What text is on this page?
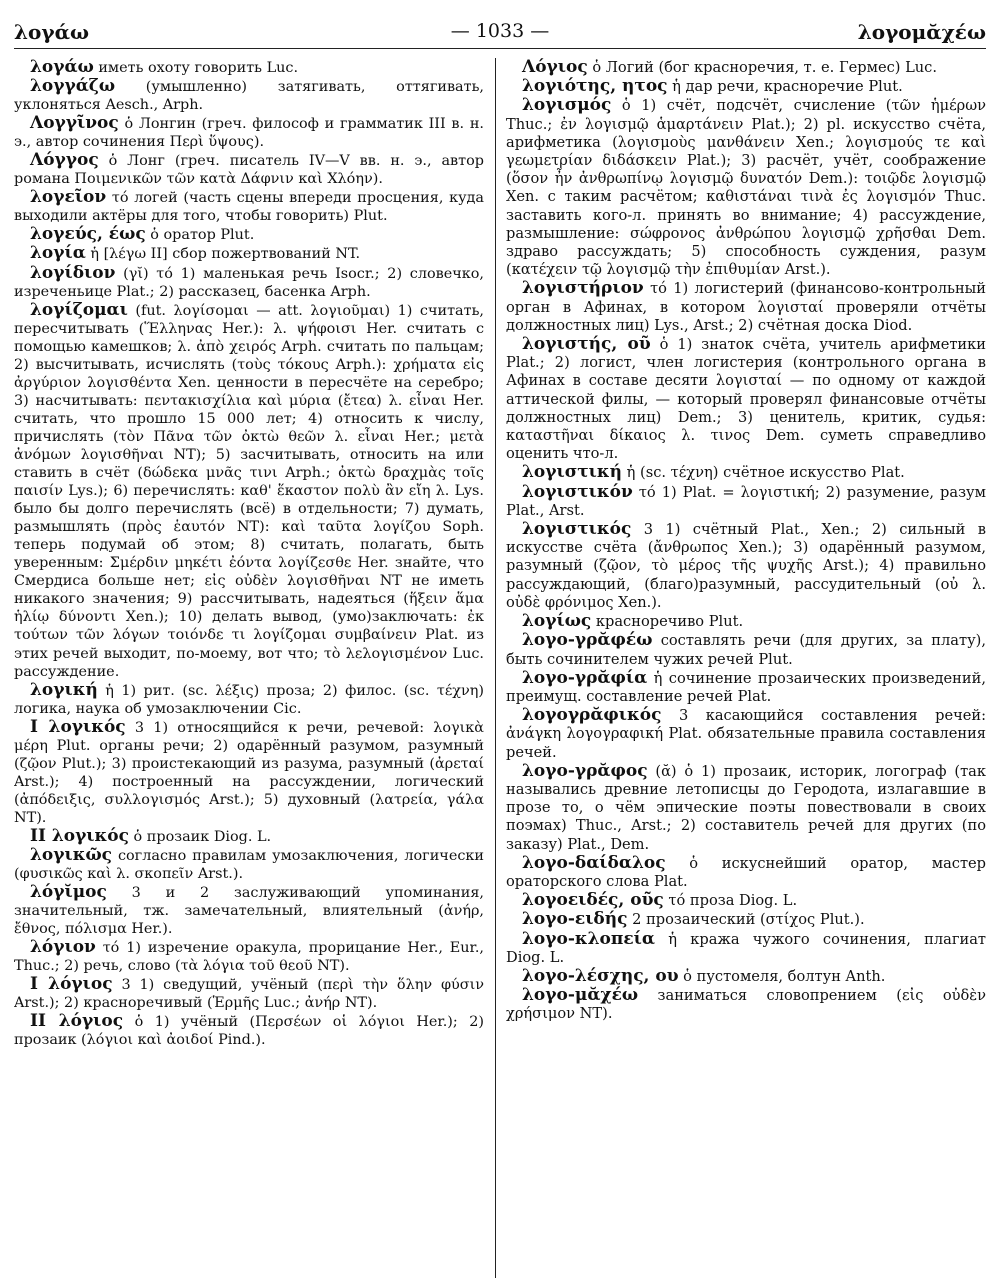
λογάω	— 1033 —	λογομᾰχέω

λογάω иметь охоту говорить Luc.

λογγάζω (умышленно) затягивать, оттягивать, уклоняться Aesch., Arph.

Λογγῖνος ὁ Лонгин (греч. философ и грамматик III в. н. э., автор сочинения Περὶ ὕψους).

Λόγγος ὁ Лонг (греч. писатель IV—V вв. н. э., автор романа Ποιμενικῶν τῶν κατὰ Δάφνιν καὶ Χλόην).

λογεῖον τό логей (часть сцены впереди просцения, куда выходили актёры для того, чтобы говорить) Plut.

λογεύς, έως ὁ оратор Plut.

λογία ἡ [λέγω II] сбор пожертвований NT.

λογίδιον (γῐ) τό 1) маленькая речь Isocr.; 2) словечко, изреченьице Plat.; 2) рассказец, басенка Arph.

λογίζομαι (fut. λογίσομαι — att. λογιοῦμαι) 1) считать, пересчитывать (Ἕλληνας Her.): λ. ψήφοισι Her. считать с помощью камешков; λ. ἀπὸ χειρός Arph. считать по пальцам; 2) высчитывать, исчислять (τοὺς τόκους Arph.): χρήματα εἰς ἀργύριον λογισθέντα Xen. ценности в пересчёте на серебро; 3) насчитывать: πεντακισχίλια καὶ μύρια (ἔτεα) λ. εἶναι Her. считать, что прошло 15 000 лет; 4) относить к числу, причислять (τὸν Πᾶνα τῶν ὀκτὼ θεῶν λ. εἶναι Her.; μετὰ ἀνόμων λογισθῆναι NT); 5) засчитывать, относить на или ставить в счёт (δώδεκα μνᾶς τινι Arph.; ὀκτὼ δραχμὰς τοῖς παισίν Lys.); 6) перечислять: καθ' ἕκαστον πολὺ ἂν εἴη λ. Lys. было бы долго перечислять (всё) в отдельности; 7) думать, размышлять (πρὸς ἑαυτόν NT): καὶ ταῦτα λογίζου Soph. теперь подумай об этом; 8) считать, полагать, быть уверенным: Σμέρδιν μηκέτι ἐόντα λογίζεσθε Her. знайте, что Смердиса больше нет; εἰς οὐδὲν λογισθῆναι NT не иметь никакого значения; 9) рассчитывать, надеяться (ἥξειν ἅμα ἡλίῳ δύνοντι Xen.); 10) делать вывод, (умо)заключать: ἐκ τούτων τῶν λόγων τοιόνδε τι λογίζομαι συμβαίνειν Plat. из этих речей выходит, по-моему, вот что; τὸ λελογισμένον Luc. рассуждение.

λογική ἡ 1) рит. (sc. λέξις) проза; 2) филос. (sc. τέχνη) логика, наука об умозаключении Cic.

I λογικός 3 1) относящийся к речи, речевой: λογικὰ μέρη Plut. органы речи; 2) одарённый разумом, разумный (ζῷον Plut.); 3) проистекающий из разума, разумный (ἀρεταί Arst.); 4) построенный на рассуждении, логический (ἀπόδειξις, συλλογισμός Arst.); 5) духовный (λατρεία, γάλα NT).

II λογικός ὁ прозаик Diog. L.

λογικῶς согласно правилам умозаключения, логически (φυσικῶς καὶ λ. σκοπεῖν Arst.).

λόγῐμος 3 и 2 заслуживающий упоминания, значительный, тж. замечательный, влиятельный (ἀνήρ, ἔθνος, πόλισμα Her.).

λόγιον τό 1) изречение оракула, прорицание Her., Eur., Thuc.; 2) речь, слово (τὰ λόγια τοῦ θεοῦ NT).

I λόγιος 3 1) сведущий, учёный (περὶ τὴν ὅλην φύσιν Arst.); 2) красноречивый (Ἑρμῆς Luc.; ἀνήρ NT).

II λόγιος ὁ 1) учёный (Περσέων οἱ λόγιοι Her.); 2) прозаик (λόγιοι καὶ ἀοιδοί Pind.).

Λόγιος ὁ Логий (бог красноречия, т. е. Гермес) Luc.

λογιότης, ητος ἡ дар речи, красноречие Plut.

λογισμός ὁ 1) счёт, подсчёт, счисление (τῶν ἡμέρων Thuc.; ἐν λογισμῷ ἁμαρτάνειν Plat.); 2) pl. искусство счёта, арифметика (λογισμοὺς μανθάνειν Xen.; λογισμούς τε καὶ γεωμετρίαν διδάσκειν Plat.); 3) расчёт, учёт, соображение (ὅσον ἦν ἀνθρωπίνῳ λογισμῷ δυνατόν Dem.): τοιῷδε λογισμῷ Xen. с таким расчётом; καθιστάναι τινὰ ἐς λογισμόν Thuc. заставить кого-л. принять во внимание; 4) рассуждение, размышление: σώφρονος ἀνθρώπου λογισμῷ χρῆσθαι Dem. здраво рассуждать; 5) способность суждения, разум (κατέχειν τῷ λογισμῷ τὴν ἐπιθυμίαν Arst.).

λογιστήριον τό 1) логистерий (финансово-контрольный орган в Афинах, в котором λογισταί проверяли отчёты должностных лиц) Lys., Arst.; 2) счётная доска Diod.

λογιστής, οῦ ὁ 1) знаток счёта, учитель арифметики Plat.; 2) логист, член логистерия (контрольного органа в Афинах в составе десяти λογισταί — по одному от каждой аттической филы, — который проверял финансовые отчёты должностных лиц) Dem.; 3) ценитель, критик, судья: καταστῆναι δίκαιος λ. τινος Dem. суметь справедливо оценить что-л.

λογιστική ἡ (sc. τέχνη) счётное искусство Plat.

λογιστικόν τό 1) Plat. = λογιστική; 2) разумение, разум Plat., Arst.

λογιστικός 3 1) счётный Plat., Xen.; 2) сильный в искусстве счёта (ἄνθρωπος Xen.); 3) одарённый разумом, разумный (ζῷον, τὸ μέρος τῆς ψυχῆς Arst.); 4) правильно рассуждающий, (благо)разумный, рассудительный (οὐ λ. οὐδὲ φρόνιμος Xen.).

λογίως красноречиво Plut.

λογο-γρᾰφέω составлять речи (для других, за плату), быть сочинителем чужих речей Plut.

λογο-γρᾰφία ἡ сочинение прозаических произведений, преимущ. составление речей Plat.

λογογρᾰφικός 3 касающийся составления речей: ἀνάγκη λογογραφική Plat. обязательные правила составления речей.

λογο-γρᾰφος (ᾰ) ὁ 1) прозаик, историк, логограф (так назывались древние летописцы до Геродота, излагавшие в прозе то, о чём эпические поэты повествовали в своих поэмах) Thuc., Arst.; 2) составитель речей для других (по заказу) Plat., Dem.

λογο-δαίδαλος ὁ искуснейший оратор, мастер ораторского слова Plat.

λογοειδές, οῦς τό проза Diog. L.

λογο-ειδής 2 прозаический (στίχος Plut.).

λογο-κλοπεία ἡ кража чужого сочинения, плагиат Diog. L.

λογο-λέσχης, ου ὁ пустомеля, болтун Anth.

λογο-μᾰχέω заниматься словопрением (εἰς οὐδὲν χρήσιμον NT).
